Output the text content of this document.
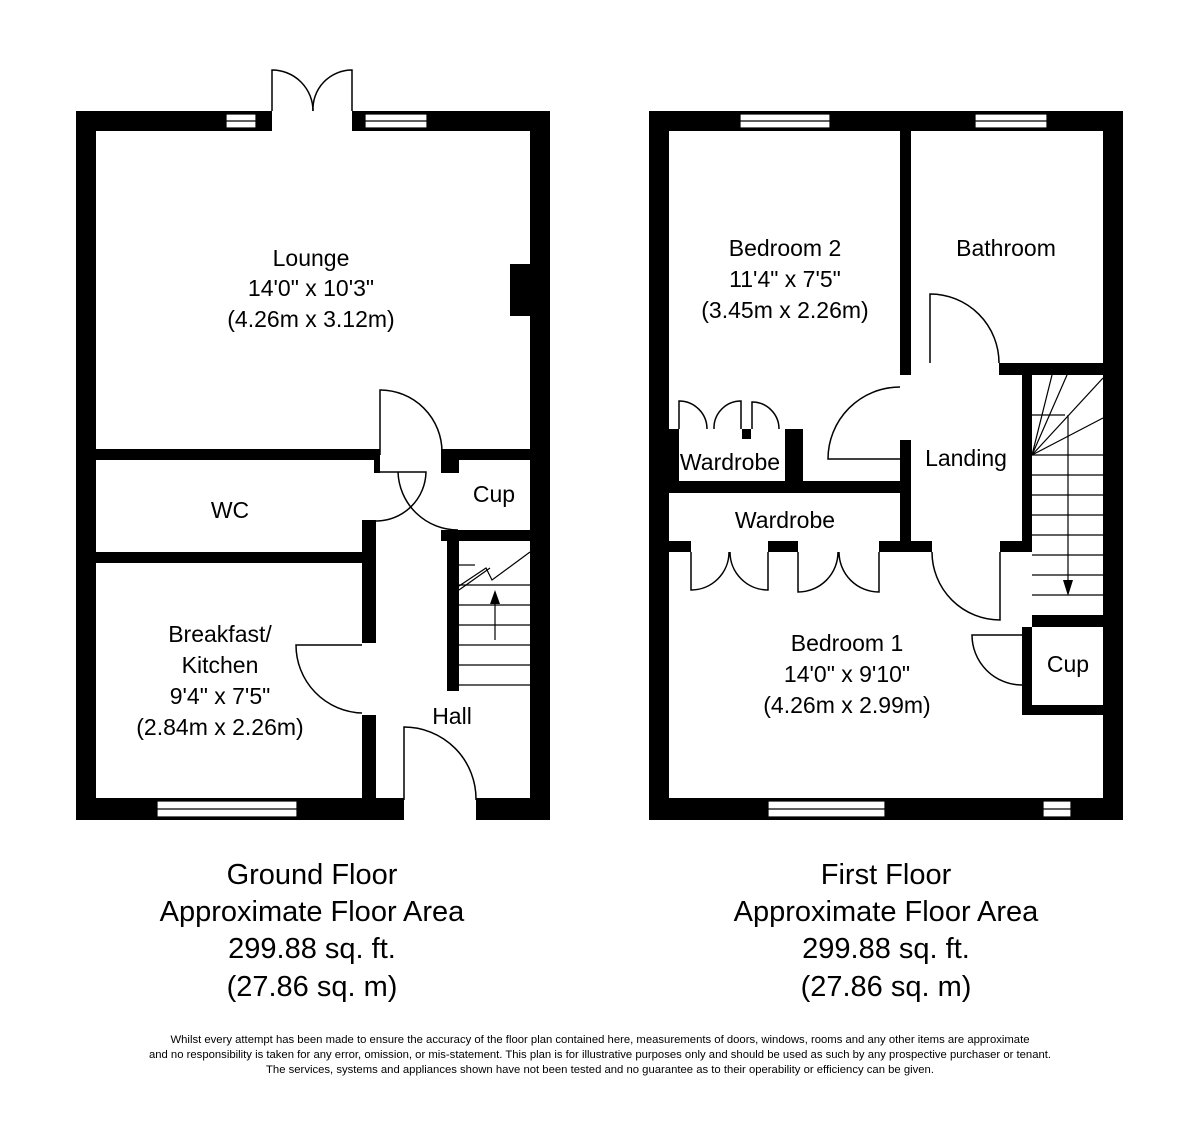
Lounge
14'0" x 10'3"
(4.26m x 3.12m)
WC
Cup
Breakfast/
Kitchen
9'4" x 7'5"
(2.84m x 2.26m)	Hall
Bedroom 2
11'4" x 7'5"
(3.45m x 2.26m)
Bathroom
Wardrobe
Wardrobe
Landing
Bedroom 1
14'0" x 9'10"
(4.26m x 2.99m)
Cup
Ground Floor
Approximate Floor Area
299.88 sq. ft.
(27.86 sq. m)
First Floor
Approximate Floor Area
299.88 sq. ft.
(27.86 sq. m)
Whilst every attempt has been made to ensure the accuracy of the floor plan contained here, measurements of doors, windows, rooms and any other items are approximate
and no responsibility is taken for any error, omission, or mis-statement. This plan is for illustrative purposes only and should be used as such by any prospective purchaser or tenant.
The services, systems and appliances shown have not been tested and no guarantee as to their operability or efficiency can be given.
